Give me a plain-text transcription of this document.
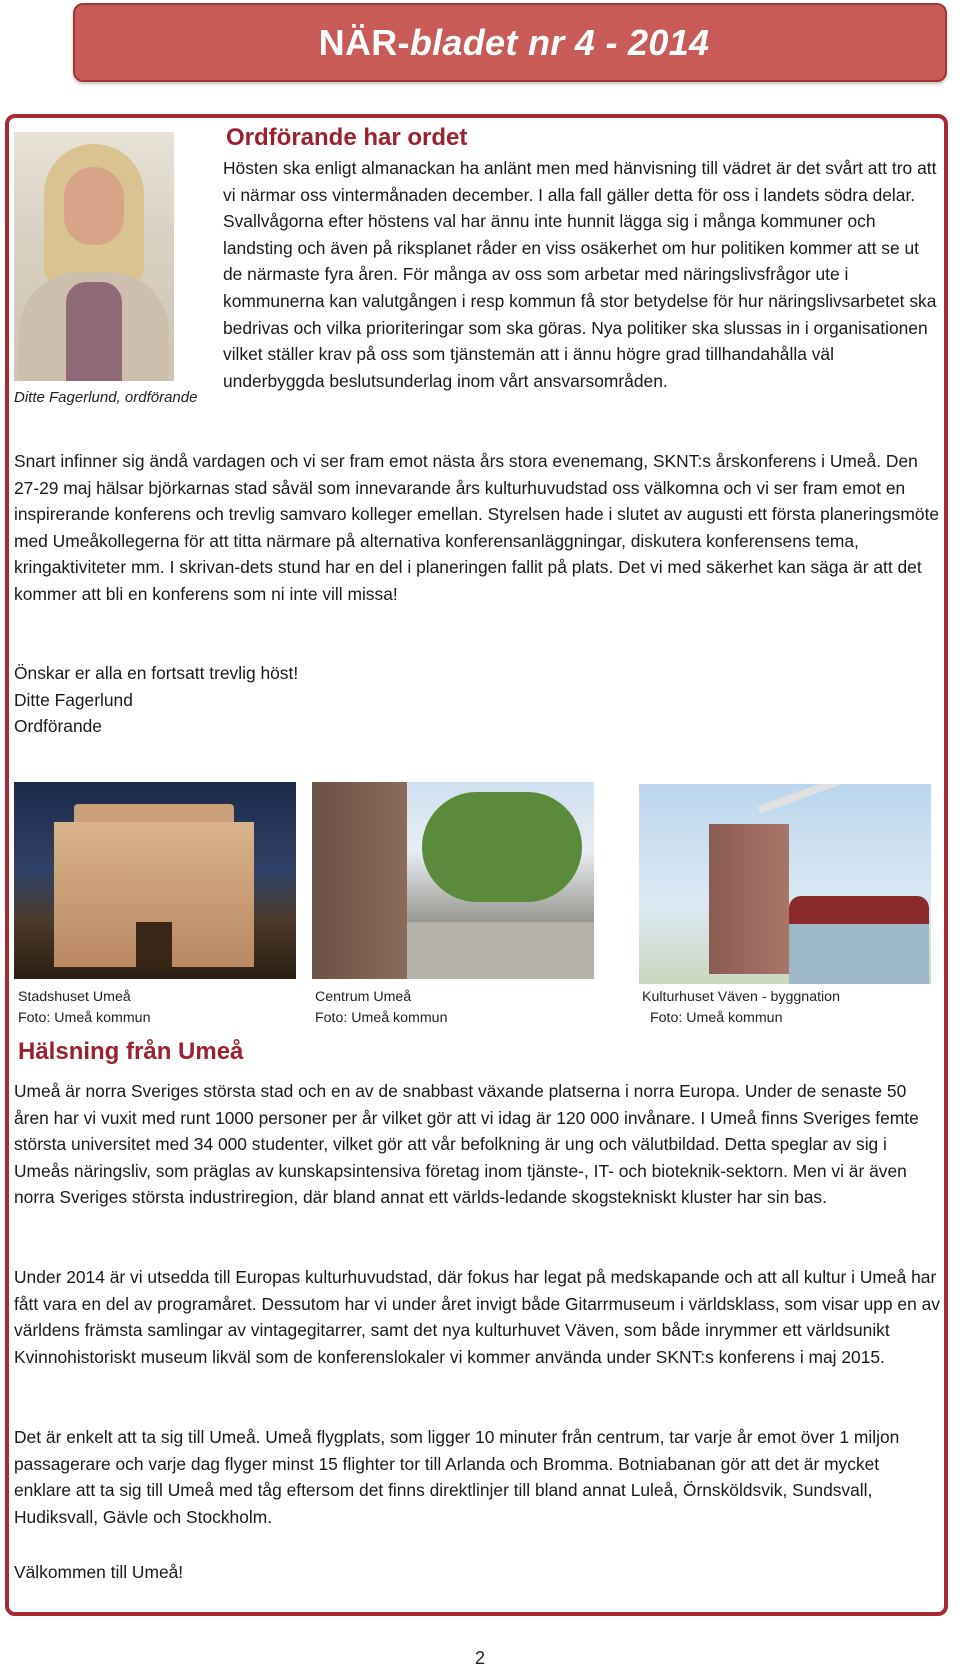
NÄR-bladet nr 4 - 2014
Ditte Fagerlund, ordförande
Ordförande har ordet

Hösten ska enligt almanackan ha anlänt men med hänvisning till vädret är det svårt att tro att vi närmar oss vintermånaden december. I alla fall gäller detta för oss i landets södra delar. Svallvågorna efter höstens val har ännu inte hunnit lägga sig i många kommuner och landsting och även på riksplanet råder en viss osäkerhet om hur politiken kommer att se ut de närmaste fyra åren. För många av oss som arbetar med näringslivsfrågor ute i kommunerna kan valutgången i resp kommun få stor betydelse för hur näringslivsarbetet ska bedrivas och vilka prioriteringar som ska göras. Nya politiker ska slussas in i organisationen vilket ställer krav på oss som tjänstemän att i ännu högre grad tillhandahålla väl underbyggda beslutsunderlag inom vårt ansvarsområden.

Snart infinner sig ändå vardagen och vi ser fram emot nästa års stora evenemang, SKNT:s årskonferens i Umeå. Den 27-29 maj hälsar björkarnas stad såväl som innevarande års kulturhuvudstad oss välkomna och vi ser fram emot en inspirerande konferens och trevlig samvaro kolleger emellan. Styrelsen hade i slutet av augusti ett första planeringsmöte med Umeåkollegerna för att titta närmare på alternativa konferensanläggningar, diskutera konferensens tema, kringaktiviteter mm. I skrivan-dets stund har en del i planeringen fallit på plats. Det vi med säkerhet kan säga är att det kommer att bli en konferens som ni inte vill missa!

Önskar er alla en fortsatt trevlig höst!

Ditte Fagerlund

Ordförande

Stadshuset Umeå
Foto: Umeå kommun
Centrum Umeå
Foto: Umeå kommun
Kulturhuset Väven - byggnation
Foto: Umeå kommun
Hälsning från Umeå

Umeå är norra Sveriges största stad och en av de snabbast växande platserna i norra Europa. Under de senaste 50 åren har vi vuxit med runt 1000 personer per år vilket gör att vi idag är 120 000 invånare. I Umeå finns Sveriges femte största universitet med 34 000 studenter, vilket gör att vår befolkning är ung och välutbildad. Detta speglar av sig i Umeås näringsliv, som präglas av kunskapsintensiva företag inom tjänste-, IT- och bioteknik-sektorn. Men vi är även norra Sveriges största industriregion, där bland annat ett världs-ledande skogstekniskt kluster har sin bas.

Under 2014 är vi utsedda till Europas kulturhuvudstad, där fokus har legat på medskapande och att all kultur i Umeå har fått vara en del av programåret. Dessutom har vi under året invigt både Gitarrmuseum i världsklass, som visar upp en av världens främsta samlingar av vintagegitarrer, samt det nya kulturhuvet Väven, som både inrymmer ett världsunikt Kvinnohistoriskt museum likväl som de konferenslokaler vi kommer använda under SKNT:s konferens i maj 2015.

Det är enkelt att ta sig till Umeå. Umeå flygplats, som ligger 10 minuter från centrum, tar varje år emot över 1 miljon passagerare och varje dag flyger minst 15 flighter tor till Arlanda och Bromma. Botniabanan gör att det är mycket enklare att ta sig till Umeå med tåg eftersom det finns direktlinjer till bland annat Luleå, Örnsköldsvik, Sundsvall, Hudiksvall, Gävle och Stockholm.

Välkommen till Umeå!

2
